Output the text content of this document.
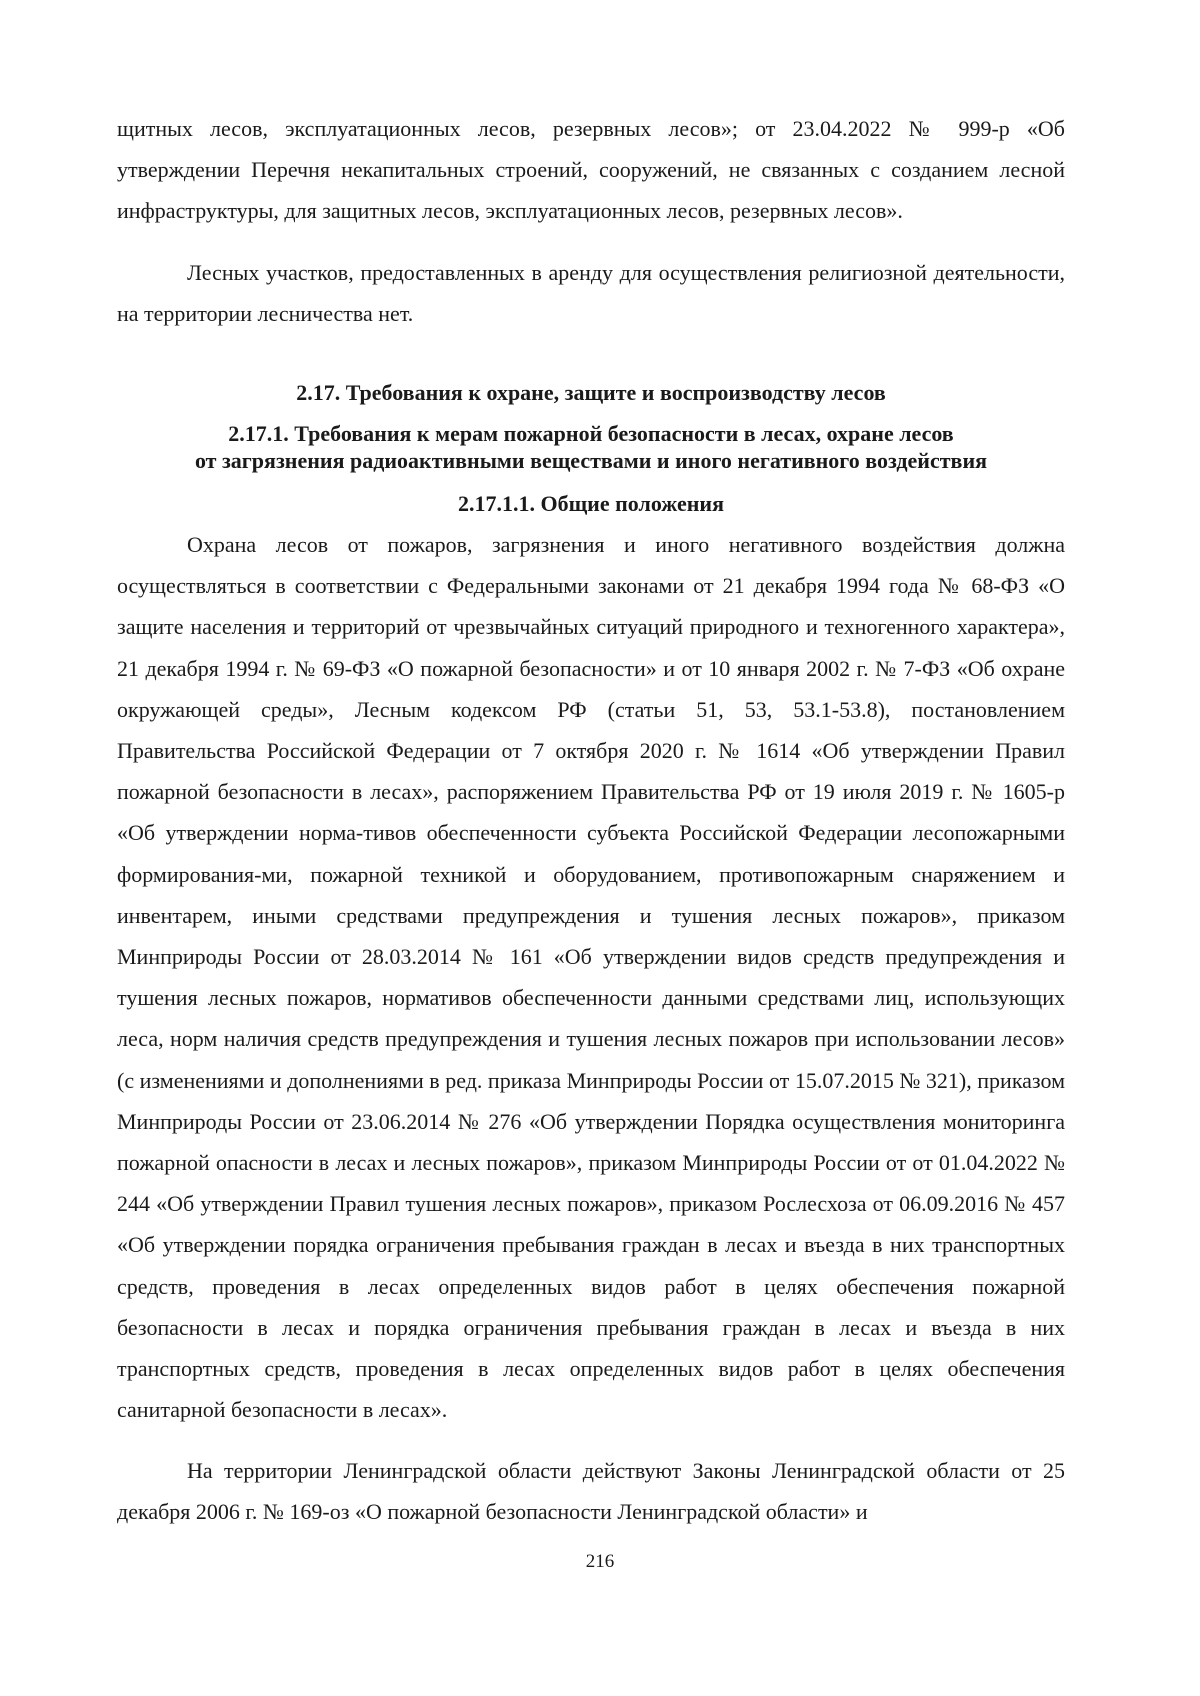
щитных лесов, эксплуатационных лесов, резервных лесов»; от 23.04.2022 № 999-р «Об утверждении Перечня некапитальных строений, сооружений, не связанных с созданием лесной инфраструктуры, для защитных лесов, эксплуатационных лесов, резервных лесов».

Лесных участков, предоставленных в аренду для осуществления религиозной деятельности, на территории лесничества нет.

2.17. Требования к охране, защите и воспроизводству лесов
2.17.1. Требования к мерам пожарной безопасности в лесах, охране лесов
от загрязнения радиоактивными веществами и иного негативного воздействия
2.17.1.1. Общие положения

Охрана лесов от пожаров, загрязнения и иного негативного воздействия должна осуществляться в соответствии с Федеральными законами от 21 декабря 1994 года № 68-ФЗ «О защите населения и территорий от чрезвычайных ситуаций природного и техногенного характера», 21 декабря 1994 г. № 69-ФЗ «О пожарной безопасности» и от 10 января 2002 г. № 7-ФЗ «Об охране окружающей среды», Лесным кодексом РФ (статьи 51, 53, 53.1-53.8), постановлением Правительства Российской Федерации от 7 октября 2020 г. № 1614 «Об утверждении Правил пожарной безопасности в лесах», распоряжением Правительства РФ от 19 июля 2019 г. № 1605-р «Об утверждении норма-тивов обеспеченности субъекта Российской Федерации лесопожарными формирования-ми, пожарной техникой и оборудованием, противопожарным снаряжением и инвентарем, иными средствами предупреждения и тушения лесных пожаров», приказом Минприроды России от 28.03.2014 № 161 «Об утверждении видов средств предупреждения и тушения лесных пожаров, нормативов обеспеченности данными средствами лиц, использующих леса, норм наличия средств предупреждения и тушения лесных пожаров при использовании лесов» (с изменениями и дополнениями в ред. приказа Минприроды России от 15.07.2015 № 321), приказом Минприроды России от 23.06.2014 № 276 «Об утверждении Порядка осуществления мониторинга пожарной опасности в лесах и лесных пожаров», приказом Минприроды России от от 01.04.2022 № 244 «Об утверждении Правил тушения лесных пожаров», приказом Рослесхоза от 06.09.2016 № 457 «Об утверждении порядка ограничения пребывания граждан в лесах и въезда в них транспортных средств, проведения в лесах определенных видов работ в целях обеспечения пожарной безопасности в лесах и порядка ограничения пребывания граждан в лесах и въезда в них транспортных средств, проведения в лесах определенных видов работ в целях обеспечения санитарной безопасности в лесах».

На территории Ленинградской области действуют Законы Ленинградской области от 25 декабря 2006 г. № 169-оз «О пожарной безопасности Ленинградской области» и

216
